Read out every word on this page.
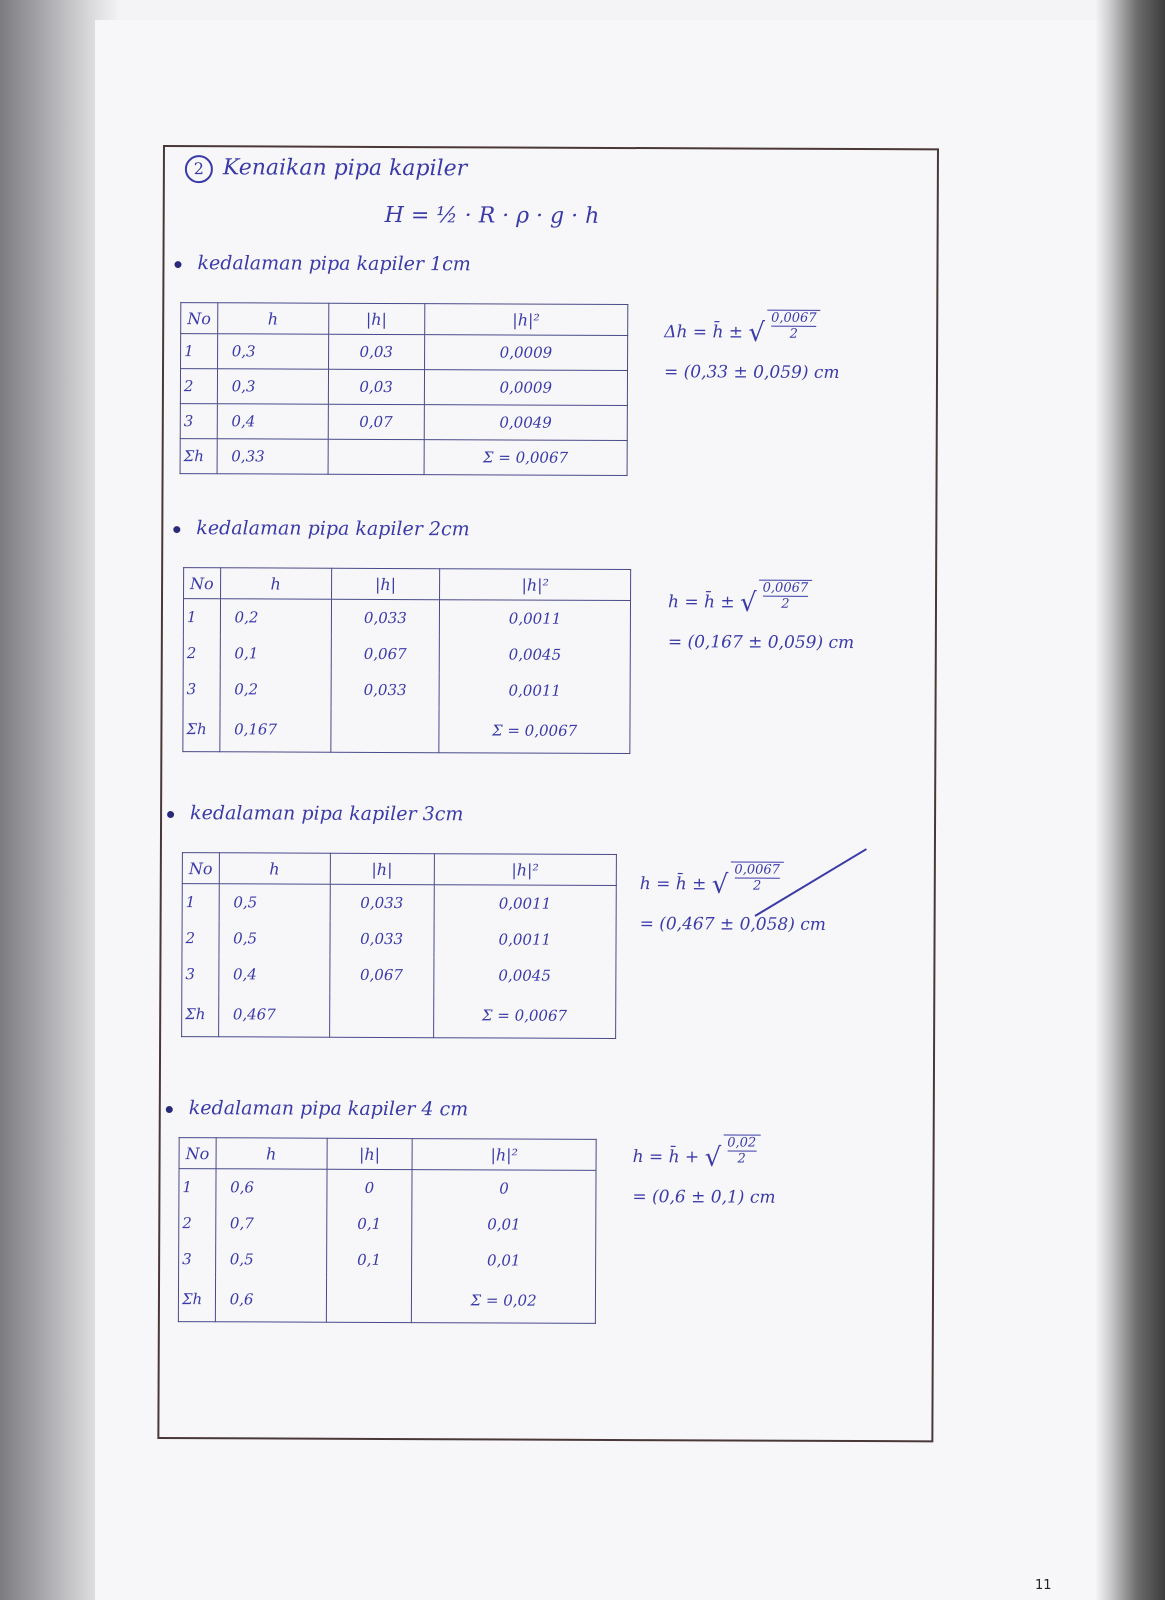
2 Kenaikan pipa kapiler
H = ½ · R · ρ · g · h
kedalaman pipa kapiler 1cm
No	h	|h|	|h|²
1	0,3	0,03	0,0009
2	0,3	0,03	0,0009
3	0,4	0,07	0,0049
Σh	0,33		Σ = 0,0067
Δh = h̄ ± √ $\frac{0,0067}{2}$
= (0,33 ± 0,059) cm
kedalaman pipa kapiler 2cm
No	h	|h|	|h|²
1	0,2	0,033	0,0011
2	0,1	0,067	0,0045
3	0,2	0,033	0,0011
Σh	0,167		Σ = 0,0067
h = h̄ ± √ $\frac{0,0067}{2}$
= (0,167 ± 0,059) cm
kedalaman pipa kapiler 3cm
No	h	|h|	|h|²
1	0,5	0,033	0,0011
2	0,5	0,033	0,0011
3	0,4	0,067	0,0045
Σh	0,467		Σ = 0,0067
h = h̄ ± √ $\frac{0,0067}{2}$
= (0,467 ± 0,058) cm
kedalaman pipa kapiler 4 cm
No	h	|h|	|h|²
1	0,6	0	0
2	0,7	0,1	0,01
3	0,5	0,1	0,01
Σh	0,6		Σ = 0,02
h = h̄ + √ $\frac{0,02}{2}$
= (0,6 ± 0,1) cm
11
